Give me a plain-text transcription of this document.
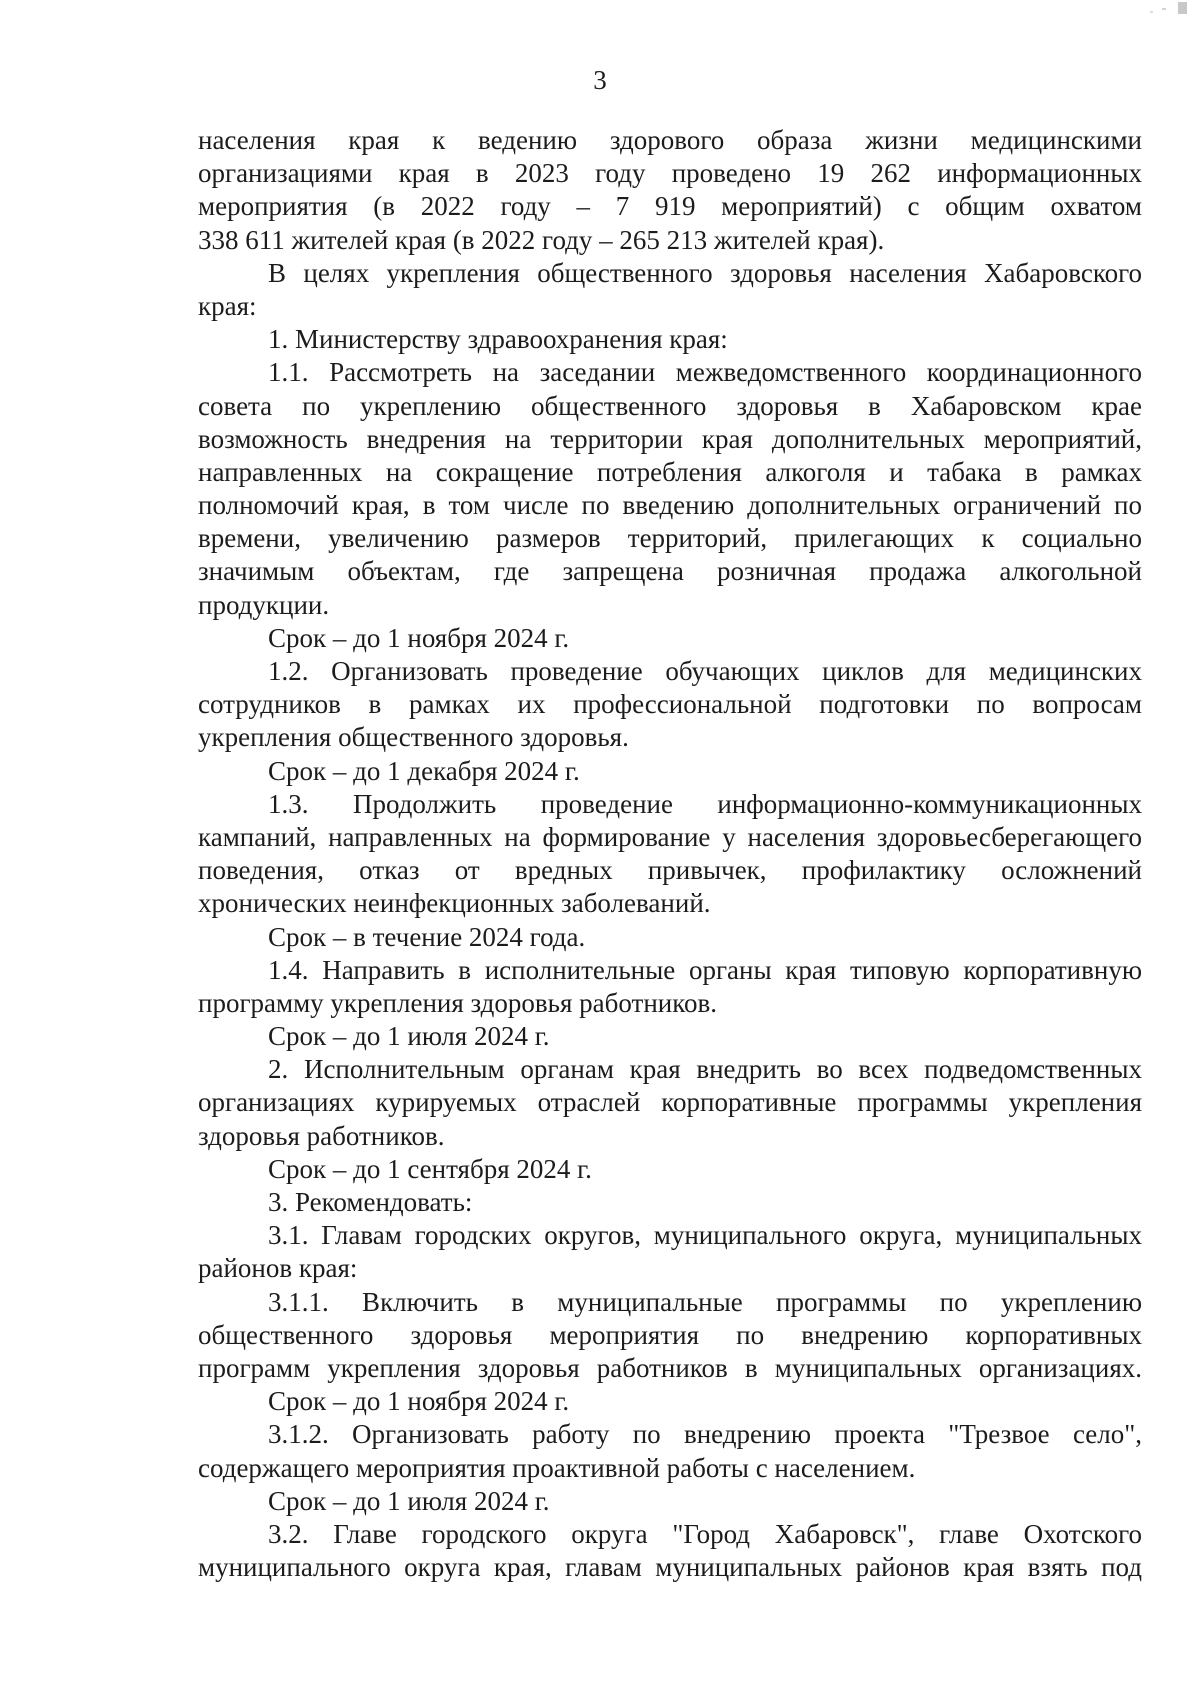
3
населения края к ведению здорового образа жизни медицинскими
организациями края в 2023 году проведено 19 262 информационных
мероприятия (в 2022 году – 7 919 мероприятий) с общим охватом
338 611 жителей края (в 2022 году – 265 213 жителей края).
В целях укрепления общественного здоровья населения Хабаровского
края:
1. Министерству здравоохранения края:
1.1. Рассмотреть на заседании межведомственного координационного
совета по укреплению общественного здоровья в Хабаровском крае
возможность внедрения на территории края дополнительных мероприятий,
направленных на сокращение потребления алкоголя и табака в рамках
полномочий края, в том числе по введению дополнительных ограничений по
времени, увеличению размеров территорий, прилегающих к социально
значимым объектам, где запрещена розничная продажа алкогольной
продукции.
Срок – до 1 ноября 2024 г.
1.2. Организовать проведение обучающих циклов для медицинских
сотрудников в рамках их профессиональной подготовки по вопросам
укрепления общественного здоровья.
Срок – до 1 декабря 2024 г.
1.3. Продолжить проведение информационно-коммуникационных
кампаний, направленных на формирование у населения здоровьесберегающего
поведения, отказ от вредных привычек, профилактику осложнений
хронических неинфекционных заболеваний.
Срок – в течение 2024 года.
1.4. Направить в исполнительные органы края типовую корпоративную
программу укрепления здоровья работников.
Срок – до 1 июля 2024 г.
2. Исполнительным органам края внедрить во всех подведомственных
организациях курируемых отраслей корпоративные программы укрепления
здоровья работников.
Срок – до 1 сентября 2024 г.
3. Рекомендовать:
3.1. Главам городских округов, муниципального округа, муниципальных
районов края:
3.1.1. Включить в муниципальные программы по укреплению
общественного здоровья мероприятия по внедрению корпоративных
программ укрепления здоровья работников в муниципальных организациях.
Срок – до 1 ноября 2024 г.
3.1.2. Организовать работу по внедрению проекта "Трезвое село",
содержащего мероприятия проактивной работы с населением.
Срок – до 1 июля 2024 г.
3.2. Главе городского округа "Город Хабаровск", главе Охотского
муниципального округа края, главам муниципальных районов края взять под
